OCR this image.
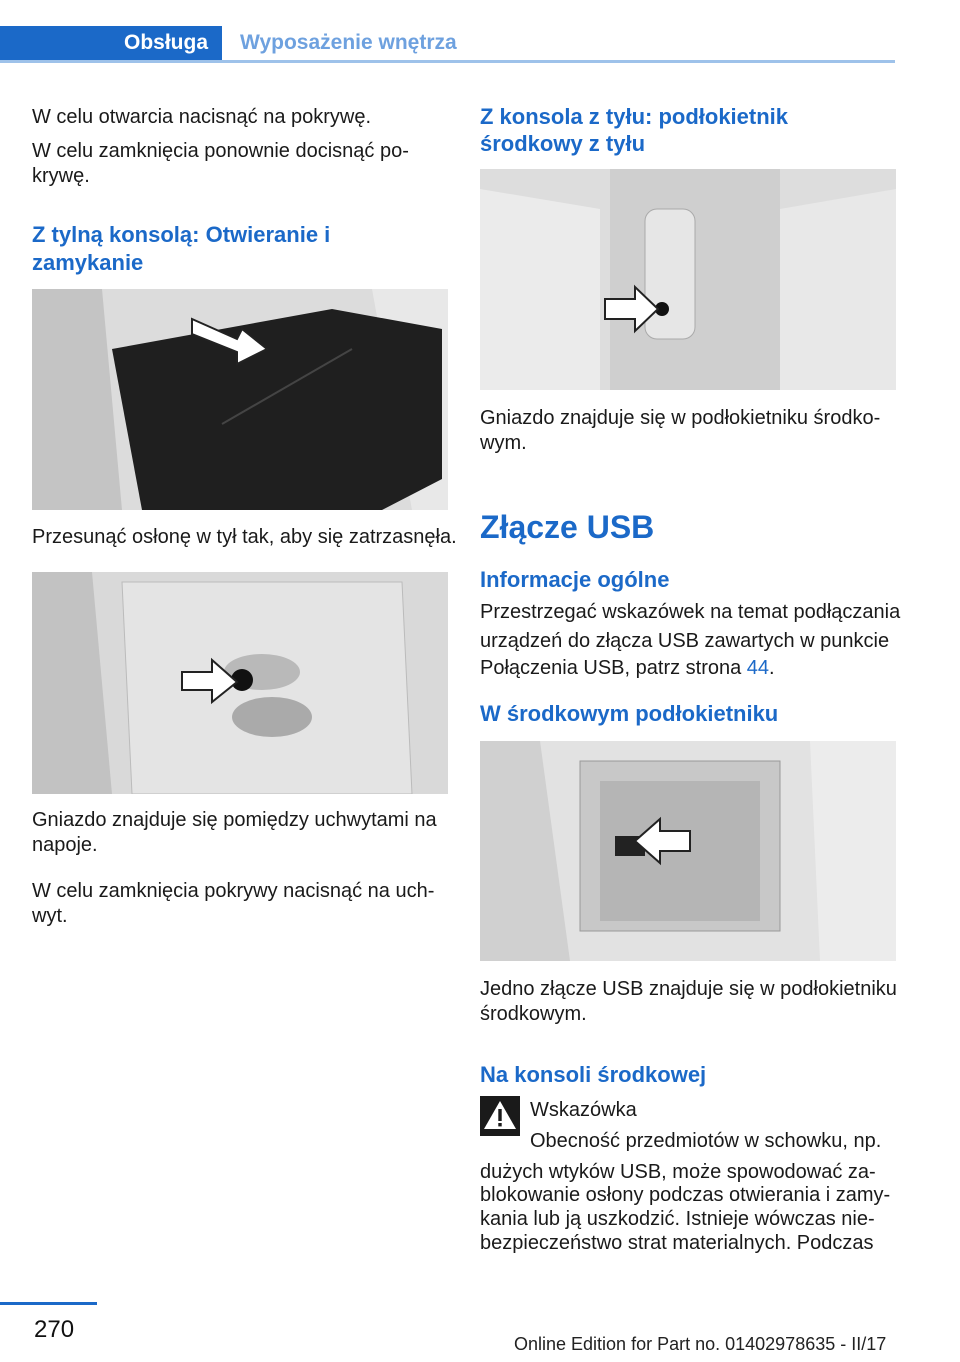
Obsługa	Wyposażenie wnętrza

W celu otwarcia nacisnąć na pokrywę.

W celu zamknięcia ponownie docisnąć po-

krywę.

Z tylną konsolą: Otwieranie i
zamykanie

Przesunąć osłonę w tył tak, aby się zatrzasnęła.

Gniazdo znajduje się pomiędzy uchwytami na

napoje.

W celu zamknięcia pokrywy nacisnąć na uch-

wyt.

Z konsola z tyłu: podłokietnik
środkowy z tyłu

Gniazdo znajduje się w podłokietniku środko-

wym.

Złącze USB
Informacje ogólne

Przestrzegać wskazówek na temat podłączania

urządzeń do złącza USB zawartych w punkcie

Połączenia USB, patrz strona 44.

W środkowym podłokietniku

Jedno złącze USB znajduje się w podłokietniku

środkowym.

Na konsoli środkowej

Wskazówka

Obecność przedmiotów w schowku, np.

dużych wtyków USB, może spowodować za-

blokowanie osłony podczas otwierania i zamy-

kania lub ją uszkodzić. Istnieje wówczas nie-

bezpieczeństwo strat materialnych. Podczas

270
Online Edition for Part no. 01402978635 - II/17
